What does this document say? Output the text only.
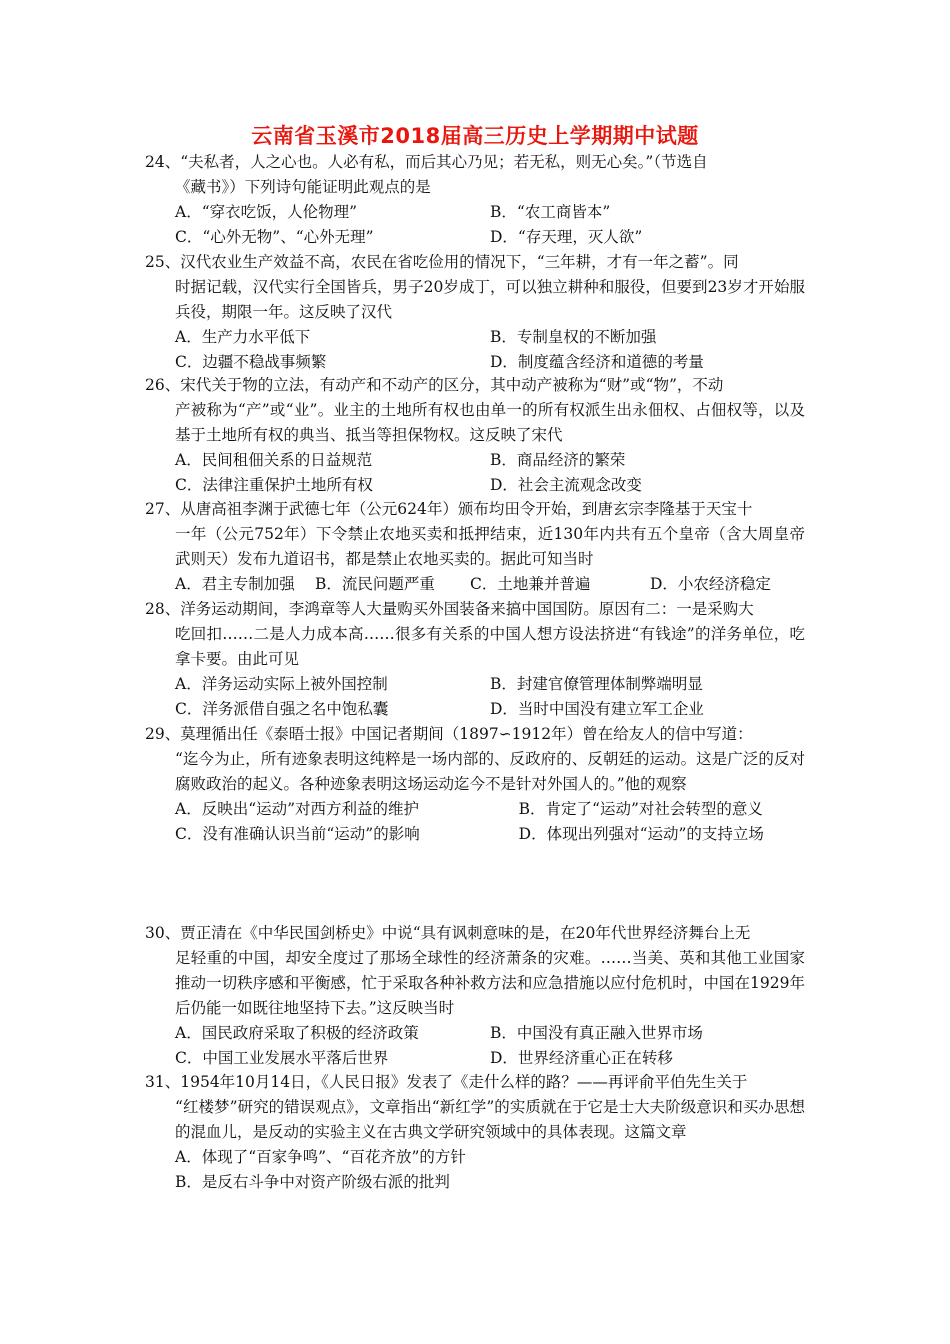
云南省玉溪市2018届高三历史上学期期中试题

24、“夫私者，人之心也。人必有私，而后其心乃见；若无私，则无心矣。”（节选自

《藏书》）下列诗句能证明此观点的是

A．“穿衣吃饭，人伦物理”	B．“农工商皆本”
C．“心外无物”、“心外无理”	D．“存天理，灭人欲”

25、汉代农业生产效益不高，农民在省吃俭用的情况下，“三年耕，才有一年之蓄”。同

时据记载，汉代实行全国皆兵，男子20岁成丁，可以独立耕种和服役，但要到23岁才开始服兵役，期限一年。这反映了汉代

A．生产力水平低下	B．专制皇权的不断加强
C．边疆不稳战事频繁	D．制度蕴含经济和道德的考量

26、宋代关于物的立法，有动产和不动产的区分，其中动产被称为“财”或“物”，不动

产被称为“产”或“业”。业主的土地所有权也由单一的所有权派生出永佃权、占佃权等，以及基于土地所有权的典当、抵当等担保物权。这反映了宋代

A．民间租佃关系的日益规范	B．商品经济的繁荣
C．法律注重保护土地所有权	D．社会主流观念改变

27、从唐高祖李渊于武德七年（公元624年）颁布均田令开始，到唐玄宗李隆基于天宝十

一年（公元752年）下令禁止农地买卖和抵押结束，近130年内共有五个皇帝（含大周皇帝武则天）发布九道诏书，都是禁止农地买卖的。据此可知当时

A．君主专制加强	B．流民问题严重	C．土地兼并普遍	D．小农经济稳定

28、洋务运动期间，李鸿章等人大量购买外国装备来搞中国国防。原因有二：一是采购大

吃回扣……二是人力成本高……很多有关系的中国人想方设法挤进“有钱途”的洋务单位，吃拿卡要。由此可见

A．洋务运动实际上被外国控制	B．封建官僚管理体制弊端明显
C．洋务派借自强之名中饱私囊	D．当时中国没有建立军工企业

29、莫理循出任《泰晤士报》中国记者期间（1897∽1912年）曾在给友人的信中写道：

“迄今为止，所有迹象表明这纯粹是一场内部的、反政府的、反朝廷的运动。这是广泛的反对腐败政治的起义。各种迹象表明这场运动迄今不是针对外国人的。”他的观察

A．反映出“运动”对西方利益的维护	B．肯定了“运动”对社会转型的意义
C．没有准确认识当前“运动”的影响	D．体现出列强对“运动”的支持立场

30、贾正清在《中华民国剑桥史》中说“具有讽刺意味的是，在20年代世界经济舞台上无

足轻重的中国，却安全度过了那场全球性的经济萧条的灾难。……当美、英和其他工业国家推动一切秩序感和平衡感，忙于采取各种补救方法和应急措施以应付危机时，中国在1929年后仍能一如既往地坚持下去。”这反映当时

A．国民政府采取了积极的经济政策	B．中国没有真正融入世界市场
C．中国工业发展水平落后世界	D．世界经济重心正在转移

31、1954年10月14日，《人民日报》发表了《走什么样的路？——再评俞平伯先生关于

“红楼梦”研究的错误观点》，文章指出“新红学”的实质就在于它是士大夫阶级意识和买办思想的混血儿，是反动的实验主义在古典文学研究领域中的具体表现。这篇文章

A．体现了“百家争鸣”、“百花齐放”的方针
B．是反右斗争中对资产阶级右派的批判
